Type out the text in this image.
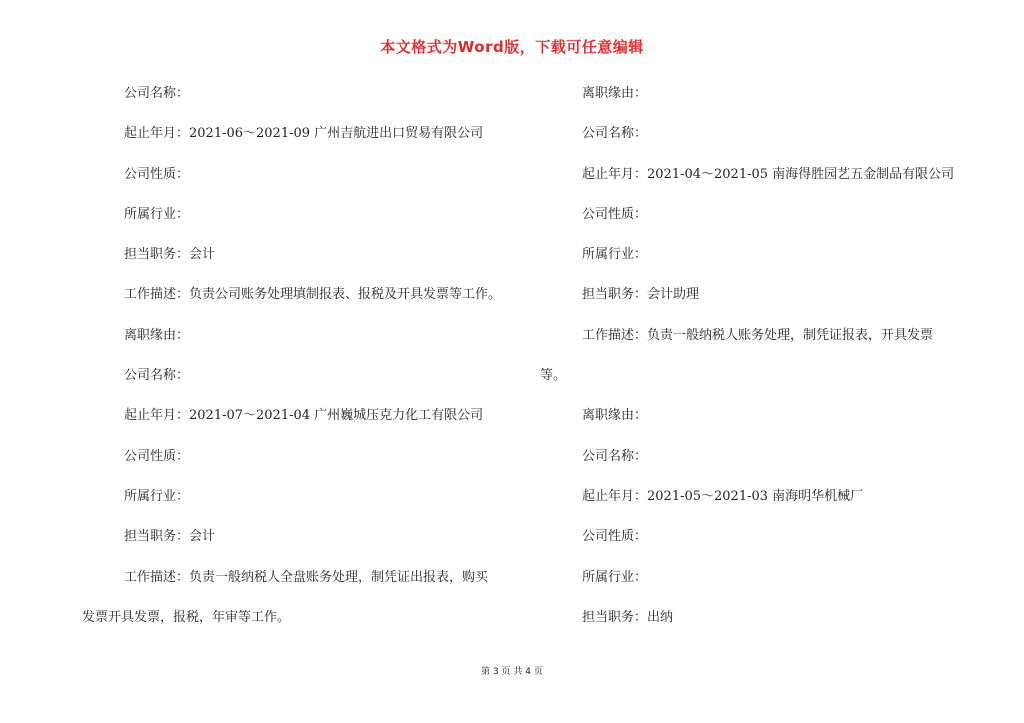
本文格式为Word版，下载可任意编辑
公司名称：
起止年月：2021-06～2021-09 广州吉航进出口贸易有限公司
公司性质：
所属行业：
担当职务：会计
工作描述：负责公司账务处理填制报表、报税及开具发票等工作。
离职缘由：
公司名称：
起止年月：2021-07～2021-04 广州巍城压克力化工有限公司
公司性质：
所属行业：
担当职务：会计
工作描述：负责一般纳税人全盘账务处理，制凭证出报表，购买
发票开具发票，报税，年审等工作。
离职缘由：
公司名称：
起止年月：2021-04～2021-05 南海得胜园艺五金制品有限公司
公司性质：
所属行业：
担当职务：会计助理
工作描述：负责一般纳税人账务处理，制凭证报表，开具发票
等。
离职缘由：
公司名称：
起止年月：2021-05～2021-03 南海明华机械厂
公司性质：
所属行业：
担当职务：出纳
第 3 页 共 4 页
